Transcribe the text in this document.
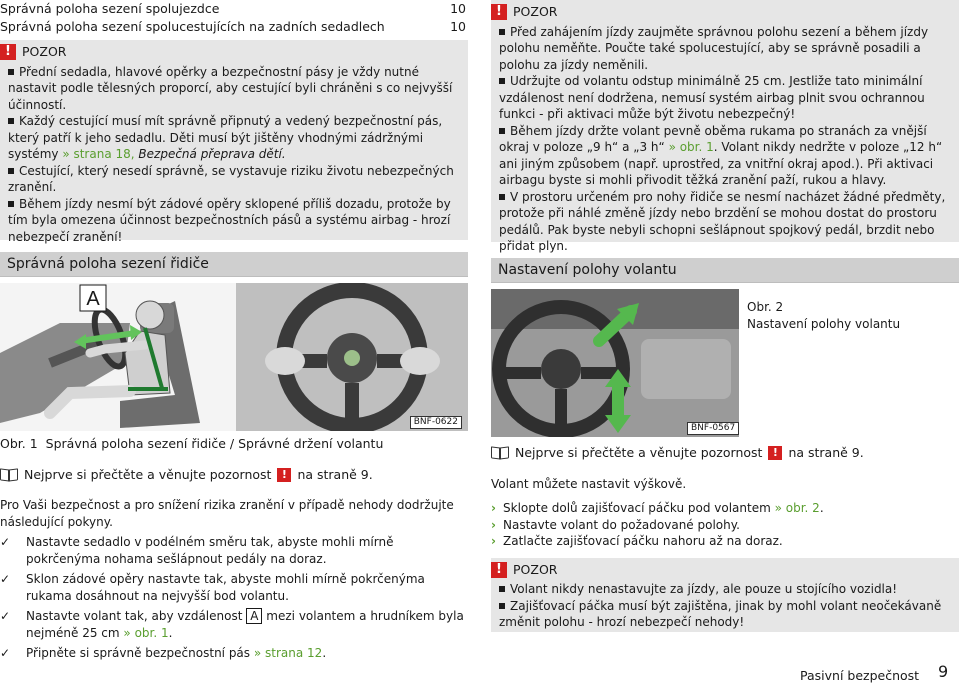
Správná poloha sezení spolujezdce	10
Správná poloha sezení spolucestujících na zadních sedadlech	10
! POZOR

Přední sedadla, hlavové opěrky a bezpečnostní pásy je vždy nutné nastavit podle tělesných proporcí, aby cestující byli chráněni s co nejvyšší účinností.

Každý cestující musí mít správně připnutý a vedený bezpečnostní pás, který patří k jeho sedadlu. Děti musí být jištěny vhodnými zádržnými systémy » strana 18, Bezpečná přeprava dětí.

Cestující, který nesedí správně, se vystavuje riziku životu nebezpečných zranění.

Během jízdy nesmí být zádové opěry sklopené příliš dozadu, protože by tím byla omezena účinnost bezpečnostních pásů a systému airbag - hrozí nebezpečí zranění!

Správná poloha sezení řidiče
A
BNF-0622
Obr. 1 Správná poloha sezení řidiče / Správné držení volantu
Nejprve si přečtěte a věnujte pozornost ! na straně 9.

Pro Vaši bezpečnost a pro snížení rizika zranění v případě nehody dodržujte následující pokyny.

✓ Nastavte sedadlo v podélném směru tak, abyste mohli mírně pokrčenýma nohama sešlápnout pedály na doraz.
✓ Sklon zádové opěry nastavte tak, abyste mohli mírně pokrčenýma rukama dosáhnout na nejvyšší bod volantu.
✓ Nastavte volant tak, aby vzdálenost A mezi volantem a hrudníkem byla nejméně 25 cm » obr. 1.
✓ Připněte si správně bezpečnostní pás » strana 12.
! POZOR

Před zahájením jízdy zaujměte správnou polohu sezení a během jízdy polohu neměňte. Poučte také spolucestující, aby se správně posadili a polohu za jízdy neměnili.

Udržujte od volantu odstup minimálně 25 cm. Jestliže tato minimální vzdálenost není dodržena, nemusí systém airbag plnit svou ochrannou funkci - při aktivaci může být životu nebezpečný!

Během jízdy držte volant pevně oběma rukama po stranách za vnější okraj v poloze „9 h“ a „3 h“ » obr. 1. Volant nikdy nedržte v poloze „12 h“ ani jiným způsobem (např. uprostřed, za vnitřní okraj apod.). Při aktivaci airbagu byste si mohli přivodit těžká zranění paží, rukou a hlavy.

V prostoru určeném pro nohy řidiče se nesmí nacházet žádné předměty, protože při náhlé změně jízdy nebo brzdění se mohou dostat do prostoru pedálů. Pak byste nebyli schopni sešlápnout spojkový pedál, brzdit nebo přidat plyn.

Nastavení polohy volantu
BNF-0567
Obr. 2
Nastavení polohy volantu
Nejprve si přečtěte a věnujte pozornost ! na straně 9.

Volant můžete nastavit výškově.

› Sklopte dolů zajišťovací páčku pod volantem » obr. 2.
› Nastavte volant do požadované polohy.
› Zatlačte zajišťovací páčku nahoru až na doraz.
! POZOR

Volant nikdy nenastavujte za jízdy, ale pouze u stojícího vozidla!

Zajišťovací páčka musí být zajištěna, jinak by mohl volant neočekávaně změnit polohu - hrozí nebezpečí nehody!

Pasivní bezpečnost 9
